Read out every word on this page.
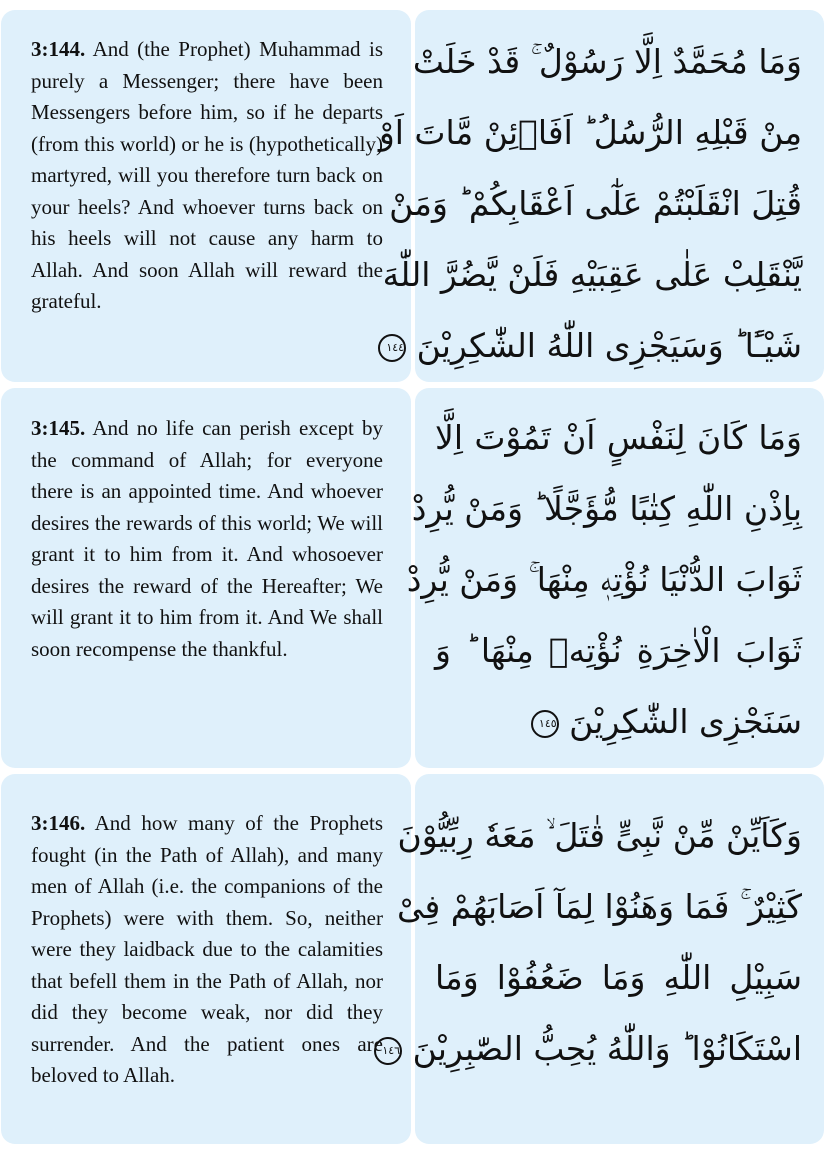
3:144. And (the Prophet) Muhammad is purely a Messenger; there have been Messengers before him, so if he departs (from this world) or he is (hypothetically) martyred, will you therefore turn back on your heels? And whoever turns back on his heels will not cause any harm to Allah. And soon Allah will reward the grateful.
وَمَا مُحَمَّدٌ اِلَّا رَسُوْلٌ ۚ قَدْ خَلَتْ
مِنْ قَبْلِهِ الرُّسُلُ ؕ اَفَا۟ئِنْ مَّاتَ اَوْ
قُتِلَ انْقَلَبْتُمْ عَلٰٓى اَعْقَابِكُمْ ؕ وَمَنْ
يَّنْقَلِبْ عَلٰى عَقِبَيْهِ فَلَنْ يَّضُرَّ اللّٰهَ
شَيْـًٔا ؕ وَسَيَجْزِى اللّٰهُ الشّٰكِرِيْنَ ١٤٤
3:145. And no life can perish except by the command of Allah; for everyone there is an appointed time. And whoever desires the rewards of this world; We will grant it to him from it. And whosoever desires the reward of the Hereafter; We will grant it to him from it. And We shall soon recompense the thankful.
وَمَا كَانَ لِنَفْسٍ اَنْ تَمُوْتَ اِلَّا
بِاِذْنِ اللّٰهِ كِتٰبًا مُّؤَجَّلًا ؕ وَمَنْ يُّرِدْ
ثَوَابَ الدُّنْيَا نُؤْتِهٖ مِنْهَا ۚ وَمَنْ يُّرِدْ
ثَوَابَ الْاٰخِرَةِ نُؤْتِهٖ مِنْهَا ؕ وَ
سَنَجْزِى الشّٰكِرِيْنَ ١٤٥
3:146. And how many of the Prophets fought (in the Path of Allah), and many men of Allah (i.e. the companions of the Prophets) were with them. So, neither were they laidback due to the calamities that befell them in the Path of Allah, nor did they become weak, nor did they surrender. And the patient ones are beloved to Allah.
وَكَاَيِّنْ مِّنْ نَّبِىٍّ قٰتَلَ ۙ مَعَهٗ رِبِّيُّوْنَ
كَثِيْرٌ ۚ فَمَا وَهَنُوْا لِمَآ اَصَابَهُمْ فِىْ
سَبِيْلِ اللّٰهِ وَمَا ضَعُفُوْا وَمَا
اسْتَكَانُوْا ؕ وَاللّٰهُ يُحِبُّ الصّٰبِرِيْنَ ١٤٦
